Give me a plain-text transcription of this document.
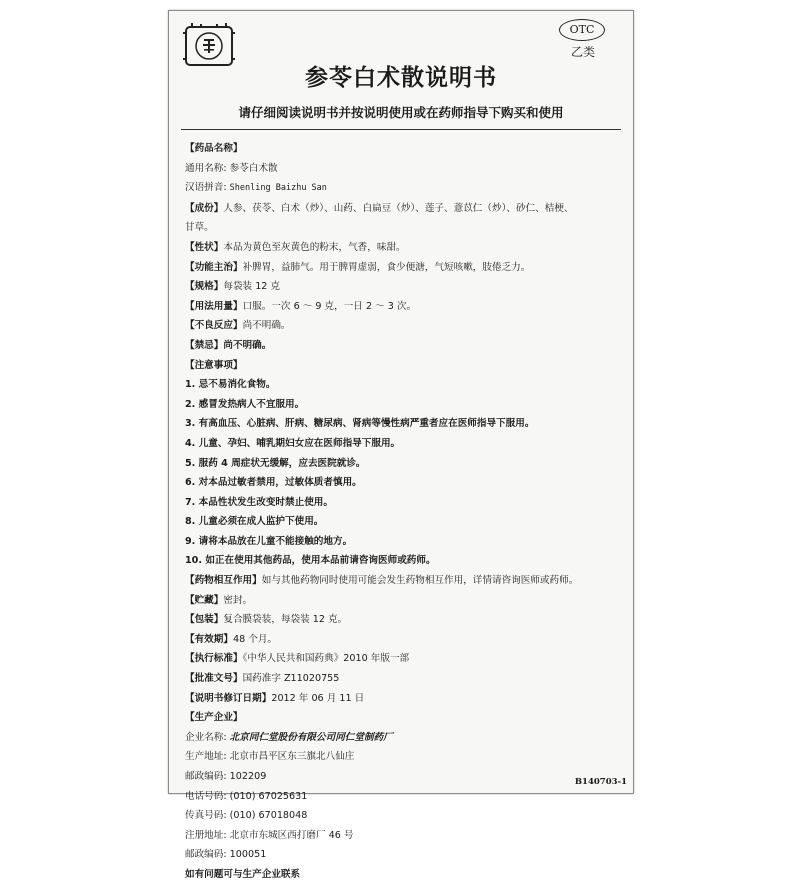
OTC
乙类
参苓白术散说明书
请仔细阅读说明书并按说明使用或在药师指导下购买和使用
【药品名称】
通用名称: 参苓白术散
汉语拼音: Shenling Baizhu San
【成份】人参、茯苓、白术（炒）、山药、白扁豆（炒）、莲子、薏苡仁（炒）、砂仁、桔梗、
甘草。
【性状】本品为黄色至灰黄色的粉末，气香，味甜。
【功能主治】补脾胃，益肺气。用于脾胃虚弱，食少便溏，气短咳嗽，肢倦乏力。
【规格】每袋装 12 克
【用法用量】口服。一次 6 ～ 9 克，一日 2 ～ 3 次。
【不良反应】尚不明确。
【禁忌】尚不明确。
【注意事项】
1. 忌不易消化食物。
2. 感冒发热病人不宜服用。
3. 有高血压、心脏病、肝病、糖尿病、肾病等慢性病严重者应在医师指导下服用。
4. 儿童、孕妇、哺乳期妇女应在医师指导下服用。
5. 服药 4 周症状无缓解，应去医院就诊。
6. 对本品过敏者禁用，过敏体质者慎用。
7. 本品性状发生改变时禁止使用。
8. 儿童必须在成人监护下使用。
9. 请将本品放在儿童不能接触的地方。
10. 如正在使用其他药品，使用本品前请咨询医师或药师。
【药物相互作用】如与其他药物同时使用可能会发生药物相互作用，详情请咨询医师或药师。
【贮藏】密封。
【包装】复合膜袋装，每袋装 12 克。
【有效期】48 个月。
【执行标准】《中华人民共和国药典》2010 年版一部
【批准文号】国药准字 Z11020755
【说明书修订日期】2012 年 06 月 11 日
【生产企业】
企业名称: 北京同仁堂股份有限公司同仁堂制药厂
生产地址: 北京市昌平区东三旗北八仙庄
邮政编码: 102209
电话号码: (010) 67025631
传真号码: (010) 67018048
注册地址: 北京市东城区西打磨厂 46 号
邮政编码: 100051
如有问题可与生产企业联系
B140703-1
